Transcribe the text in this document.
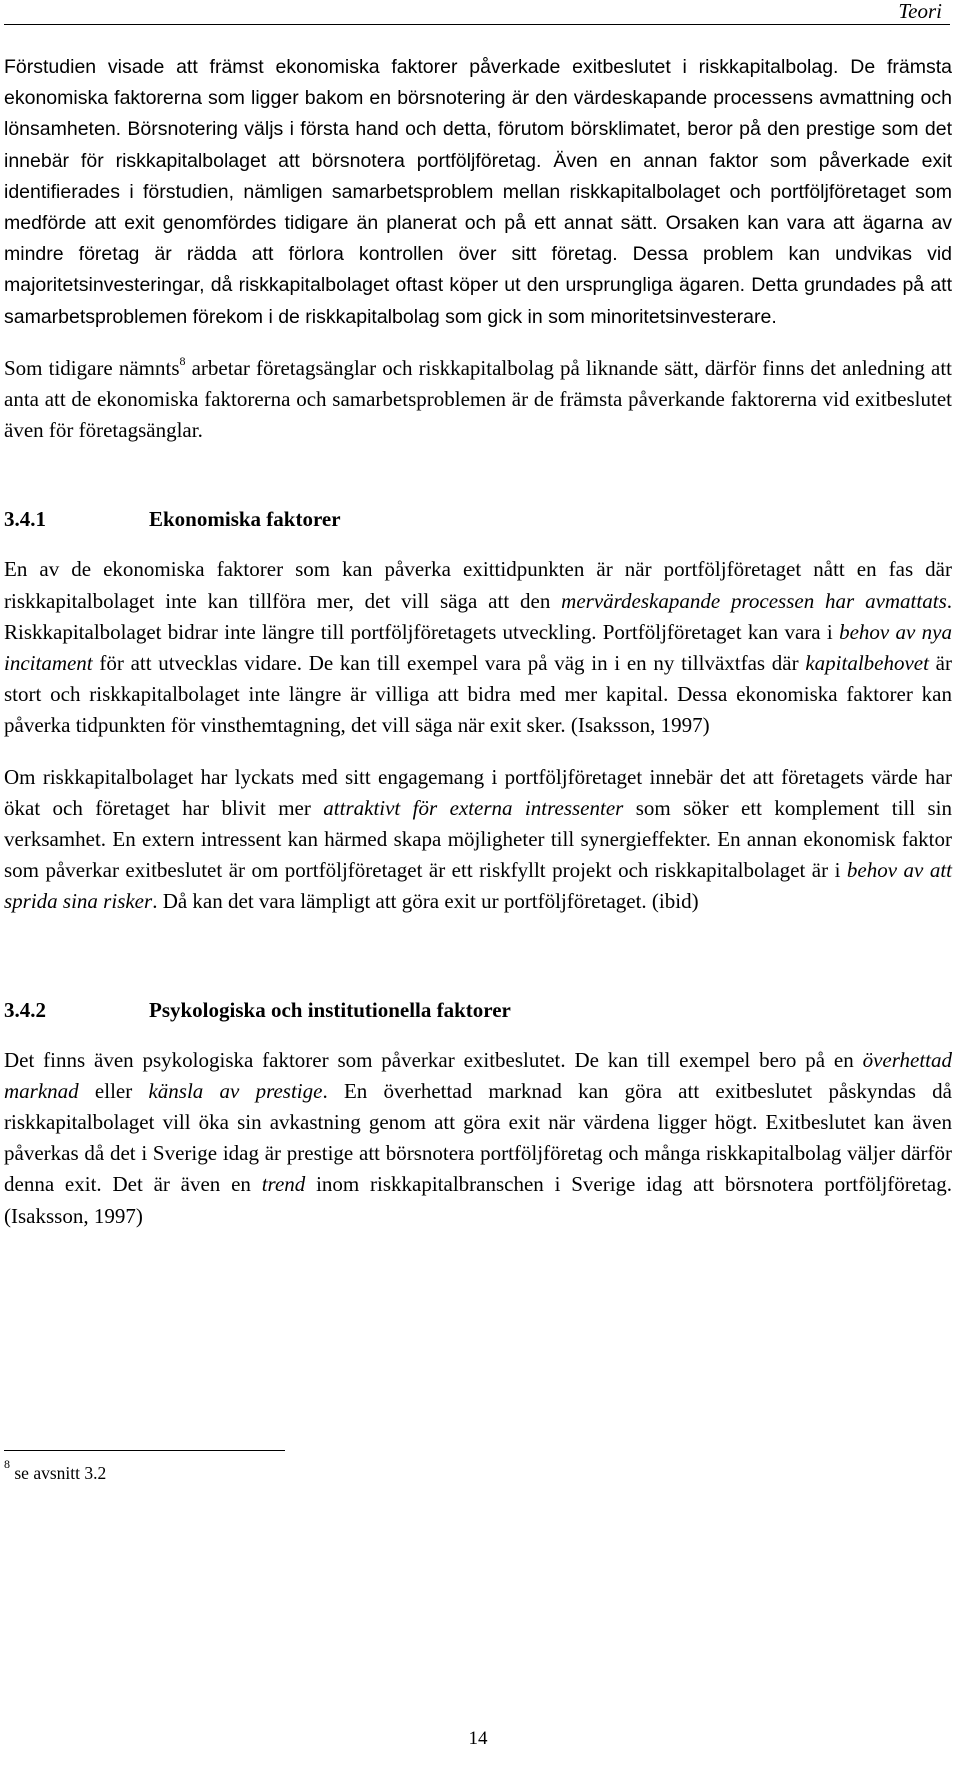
Teori

Förstudien visade att främst ekonomiska faktorer påverkade exitbeslutet i riskkapitalbolag. De främsta ekonomiska faktorerna som ligger bakom en börsnotering är den värdeskapande processens avmattning och lönsamheten. Börsnotering väljs i första hand och detta, förutom börsklimatet, beror på den prestige som det innebär för riskkapitalbolaget att börsnotera portföljföretag. Även en annan faktor som påverkade exit identifierades i förstudien, nämligen samarbetsproblem mellan riskkapitalbolaget och portföljföretaget som medförde att exit genomfördes tidigare än planerat och på ett annat sätt. Orsaken kan vara att ägarna av mindre företag är rädda att förlora kontrollen över sitt företag. Dessa problem kan undvikas vid majoritetsinvesteringar, då riskkapitalbolaget oftast köper ut den ursprungliga ägaren. Detta grundades på att samarbetsproblemen förekom i de riskkapitalbolag som gick in som minoritetsinvesterare.

Som tidigare nämnts$^8$ arbetar företagsänglar och riskkapitalbolag på liknande sätt, därför finns det anledning att anta att de ekonomiska faktorerna och samarbetsproblemen är de främsta påverkande faktorerna vid exitbeslutet även för företagsänglar.

3.4.1	Ekonomiska faktorer

En av de ekonomiska faktorer som kan påverka exittidpunkten är när portföljföretaget nått en fas där riskkapitalbolaget inte kan tillföra mer, det vill säga att den mervärdeskapande processen har avmattats. Riskkapitalbolaget bidrar inte längre till portföljföretagets utveckling. Portföljföretaget kan vara i behov av nya incitament för att utvecklas vidare. De kan till exempel vara på väg in i en ny tillväxtfas där kapitalbehovet är stort och riskkapitalbolaget inte längre är villiga att bidra med mer kapital. Dessa ekonomiska faktorer kan påverka tidpunkten för vinsthemtagning, det vill säga när exit sker. (Isaksson, 1997)

Om riskkapitalbolaget har lyckats med sitt engagemang i portföljföretaget innebär det att företagets värde har ökat och företaget har blivit mer attraktivt för externa intressenter som söker ett komplement till sin verksamhet. En extern intressent kan härmed skapa möjligheter till synergieffekter. En annan ekonomisk faktor som påverkar exitbeslutet är om portföljföretaget är ett riskfyllt projekt och riskkapitalbolaget är i behov av att sprida sina risker. Då kan det vara lämpligt att göra exit ur portföljföretaget. (ibid)

3.4.2	Psykologiska och institutionella faktorer

Det finns även psykologiska faktorer som påverkar exitbeslutet. De kan till exempel bero på en överhettad marknad eller känsla av prestige. En överhettad marknad kan göra att exitbeslutet påskyndas då riskkapitalbolaget vill öka sin avkastning genom att göra exit när värdena ligger högt. Exitbeslutet kan även påverkas då det i Sverige idag är prestige att börsnotera portföljföretag och många riskkapitalbolag väljer därför denna exit. Det är även en trend inom riskkapitalbranschen i Sverige idag att börsnotera portföljföretag. (Isaksson, 1997)

$^8$ se avsnitt 3.2
14
